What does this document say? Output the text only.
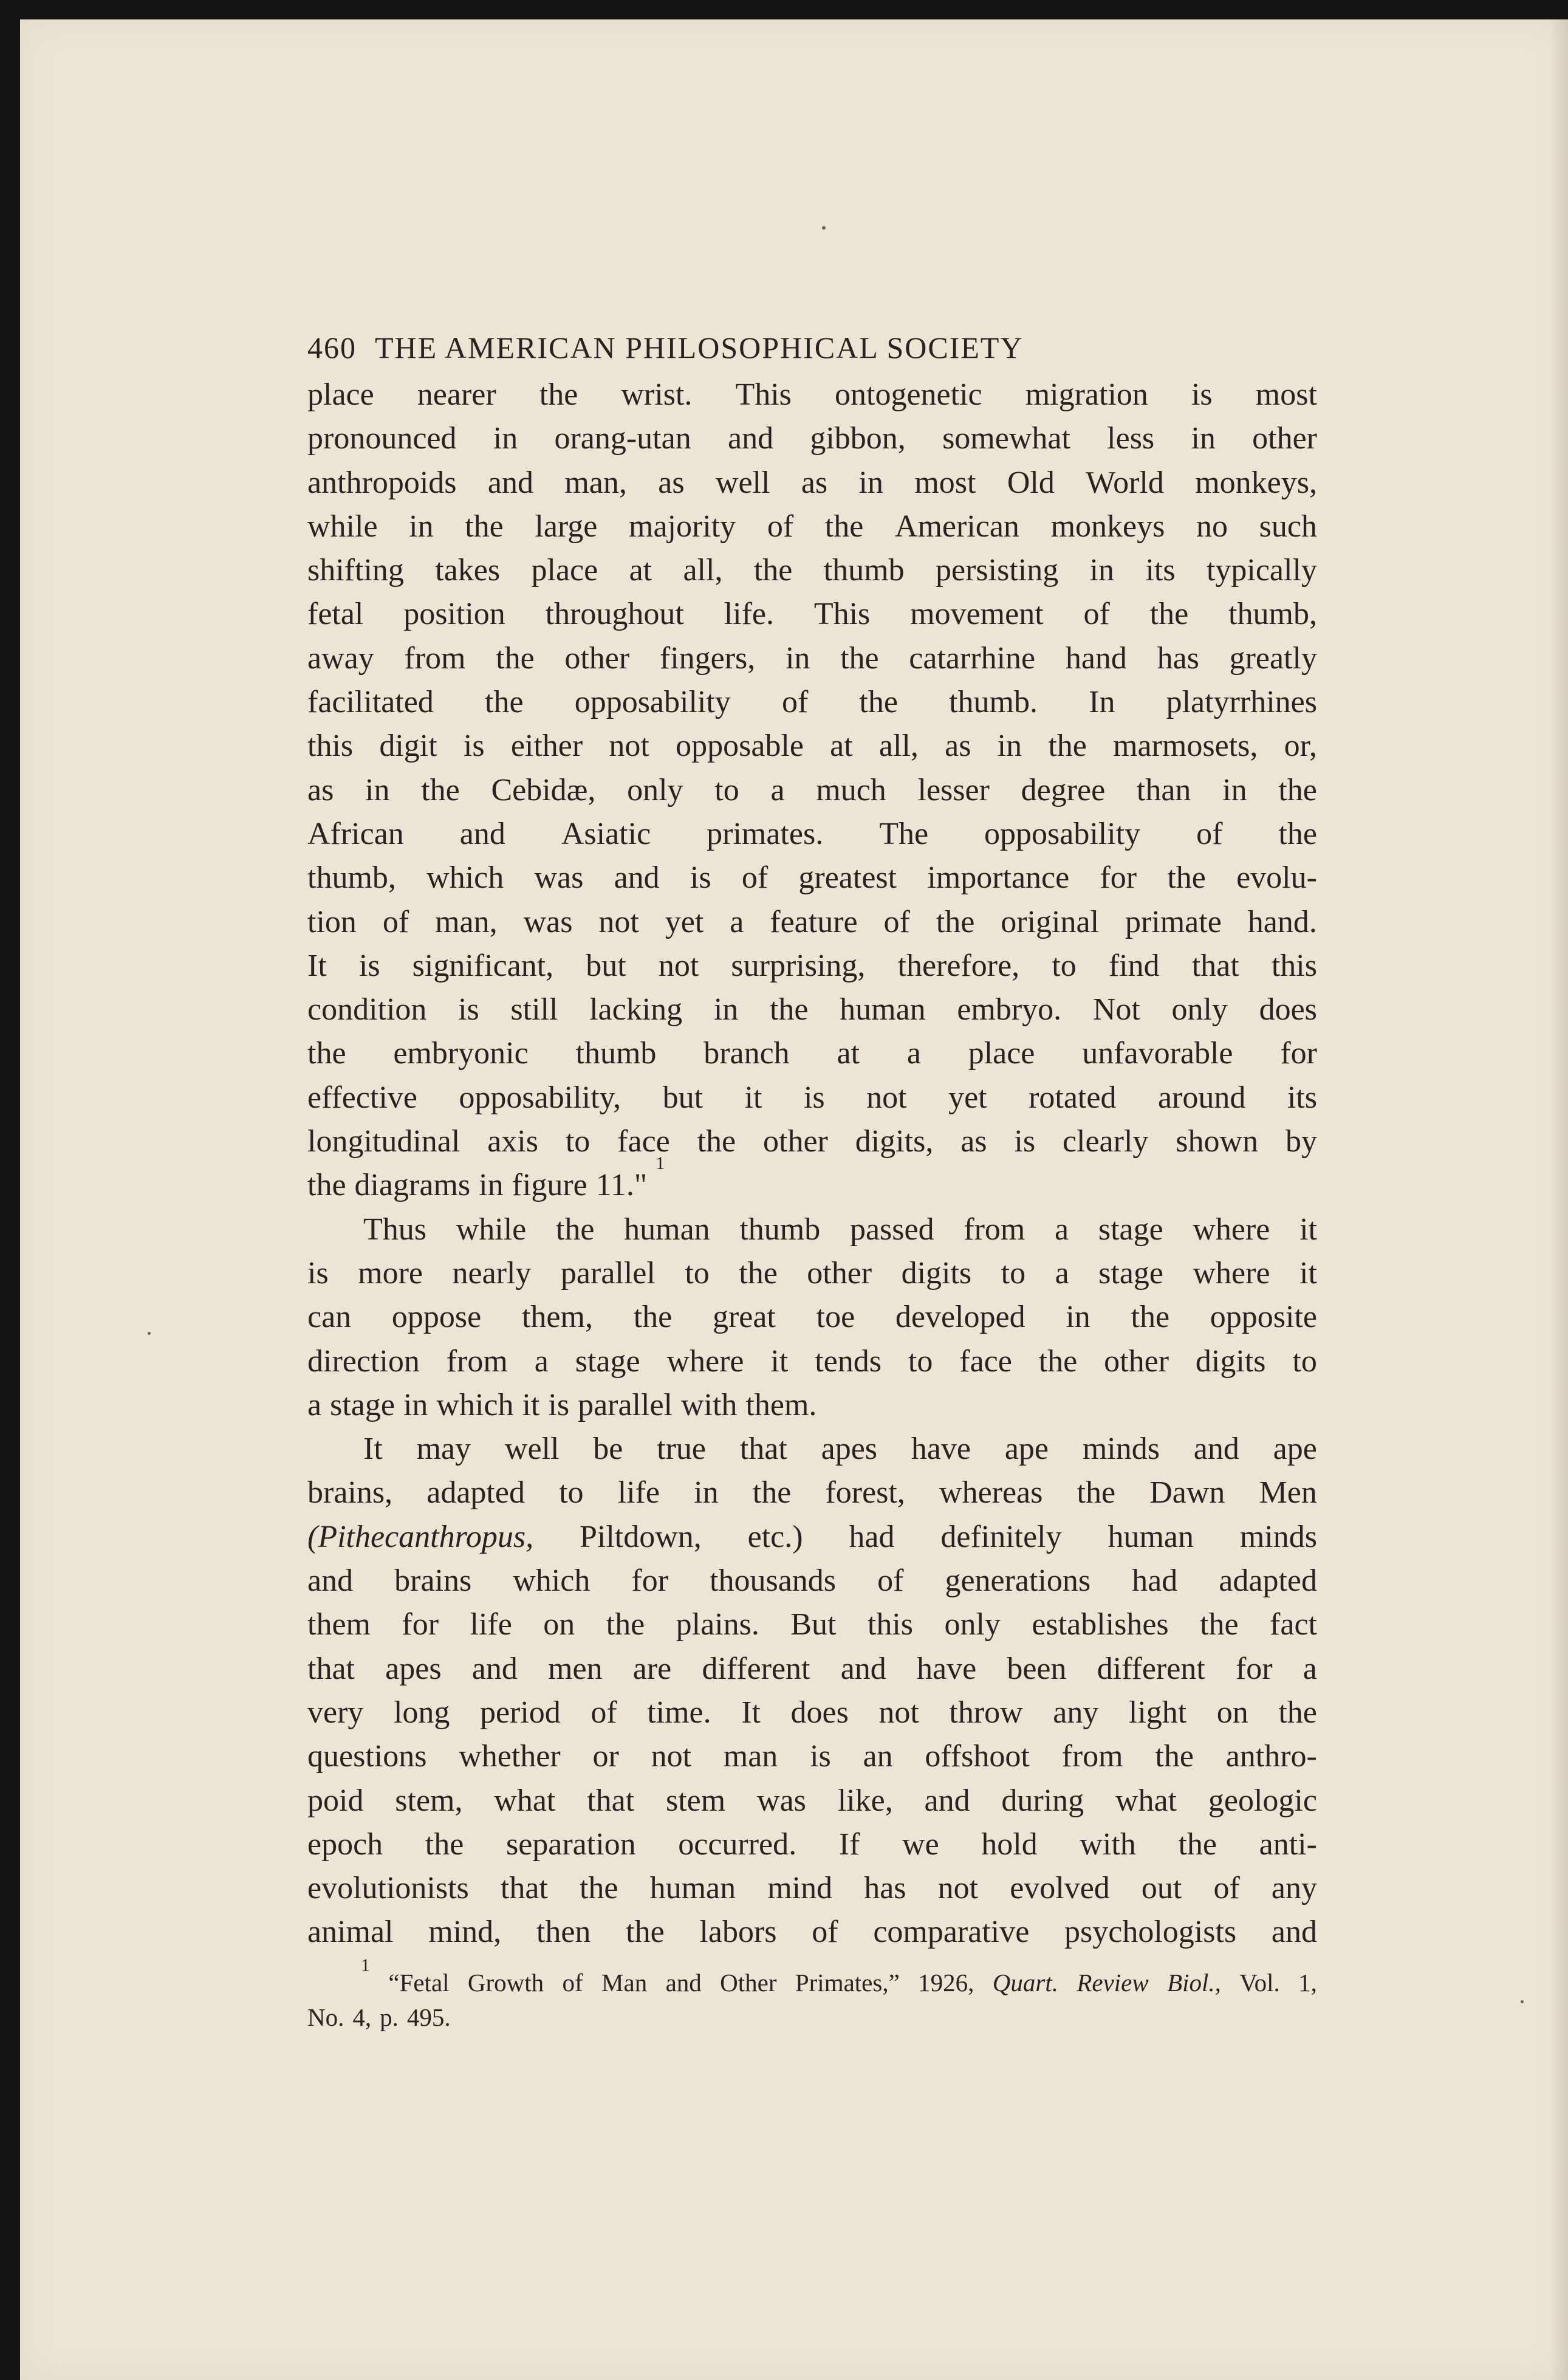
460 THE AMERICAN PHILOSOPHICAL SOCIETY
place nearer the wrist. This ontogenetic migration is most
pronounced in orang-utan and gibbon, somewhat less in other
anthropoids and man, as well as in most Old World monkeys,
while in the large majority of the American monkeys no such
shifting takes place at all, the thumb persisting in its typically
fetal position throughout life. This movement of the thumb,
away from the other fingers, in the catarrhine hand has greatly
facilitated the opposability of the thumb. In platyrrhines
this digit is either not opposable at all, as in the marmosets, or,
as in the Cebidæ, only to a much lesser degree than in the
African and Asiatic primates. The opposability of the
thumb, which was and is of greatest importance for the evolu-
tion of man, was not yet a feature of the original primate hand.
It is significant, but not surprising, therefore, to find that this
condition is still lacking in the human embryo. Not only does
the embryonic thumb branch at a place unfavorable for
effective opposability, but it is not yet rotated around its
longitudinal axis to face the other digits, as is clearly shown by
the diagrams in figure 11."
1
Thus while the human thumb passed from a stage where it
is more nearly parallel to the other digits to a stage where it
can oppose them, the great toe developed in the opposite
direction from a stage where it tends to face the other digits to
a stage in which it is parallel with them.
It may well be true that apes have ape minds and ape
brains, adapted to life in the forest, whereas the Dawn Men
(Pithecanthropus, Piltdown, etc.) had definitely human minds
and brains which for thousands of generations had adapted
them for life on the plains. But this only establishes the fact
that apes and men are different and have been different for a
very long period of time. It does not throw any light on the
questions whether or not man is an offshoot from the anthro-
poid stem, what that stem was like, and during what geologic
epoch the separation occurred. If we hold with the anti-
evolutionists that the human mind has not evolved out of any
animal mind, then the labors of comparative psychologists and
1
“Fetal Growth of Man and Other Primates,” 1926, Quart. Review Biol., Vol. 1,
No. 4, p. 495.
